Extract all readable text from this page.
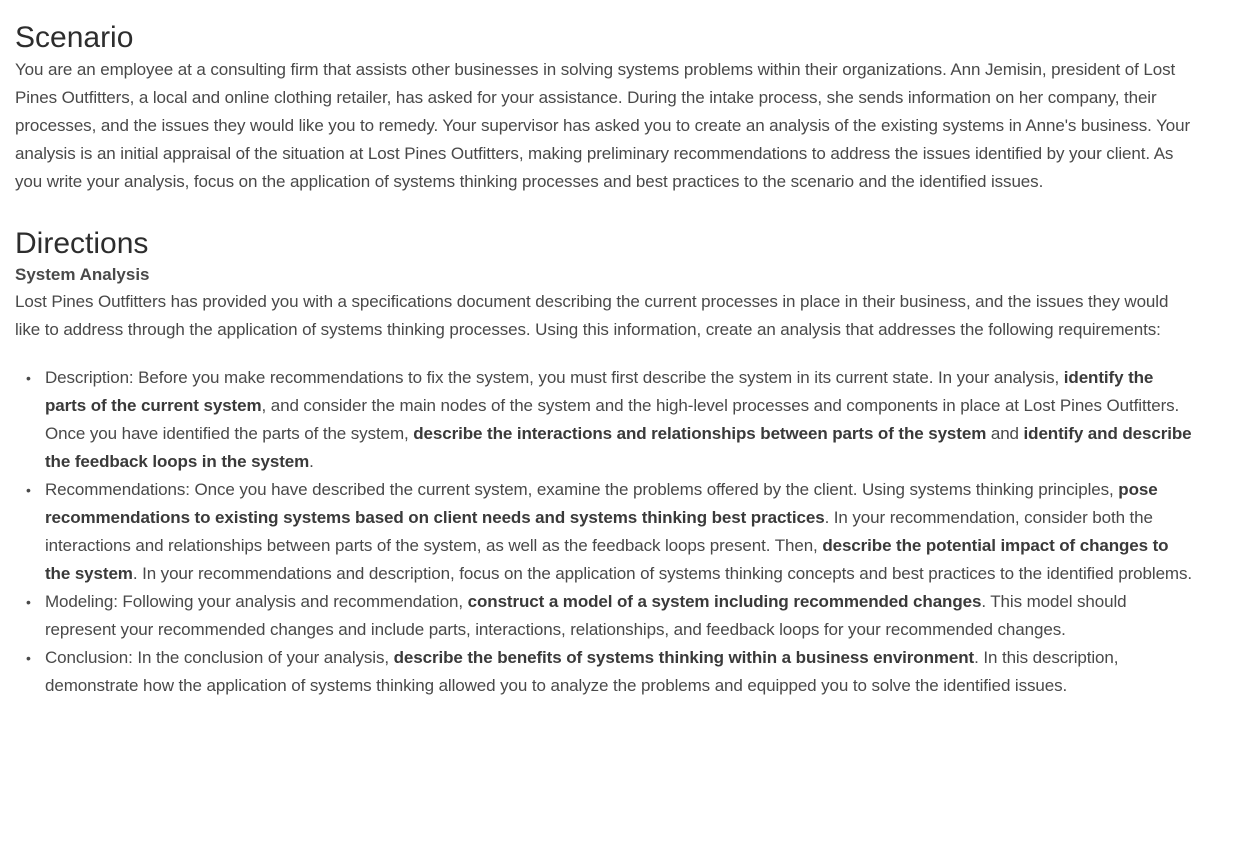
Scenario

You are an employee at a consulting firm that assists other businesses in solving systems problems within their organizations. Ann Jemisin, president of Lost Pines Outfitters, a local and online clothing retailer, has asked for your assistance. During the intake process, she sends information on her company, their processes, and the issues they would like you to remedy. Your supervisor has asked you to create an analysis of the existing systems in Anne's business. Your analysis is an initial appraisal of the situation at Lost Pines Outfitters, making preliminary recommendations to address the issues identified by your client. As you write your analysis, focus on the application of systems thinking processes and best practices to the scenario and the identified issues.

Directions

System Analysis

Lost Pines Outfitters has provided you with a specifications document describing the current processes in place in their business, and the issues they would like to address through the application of systems thinking processes. Using this information, create an analysis that addresses the following requirements:

• Description: Before you make recommendations to fix the system, you must first describe the system in its current state. In your analysis, identify the parts of the current system, and consider the main nodes of the system and the high-level processes and components in place at Lost Pines Outfitters. Once you have identified the parts of the system, describe the interactions and relationships between parts of the system and identify and describe the feedback loops in the system.
• Recommendations: Once you have described the current system, examine the problems offered by the client. Using systems thinking principles, pose recommendations to existing systems based on client needs and systems thinking best practices. In your recommendation, consider both the interactions and relationships between parts of the system, as well as the feedback loops present. Then, describe the potential impact of changes to the system. In your recommendations and description, focus on the application of systems thinking concepts and best practices to the identified problems.
• Modeling: Following your analysis and recommendation, construct a model of a system including recommended changes. This model should represent your recommended changes and include parts, interactions, relationships, and feedback loops for your recommended changes.
• Conclusion: In the conclusion of your analysis, describe the benefits of systems thinking within a business environment. In this description, demonstrate how the application of systems thinking allowed you to analyze the problems and equipped you to solve the identified issues.
